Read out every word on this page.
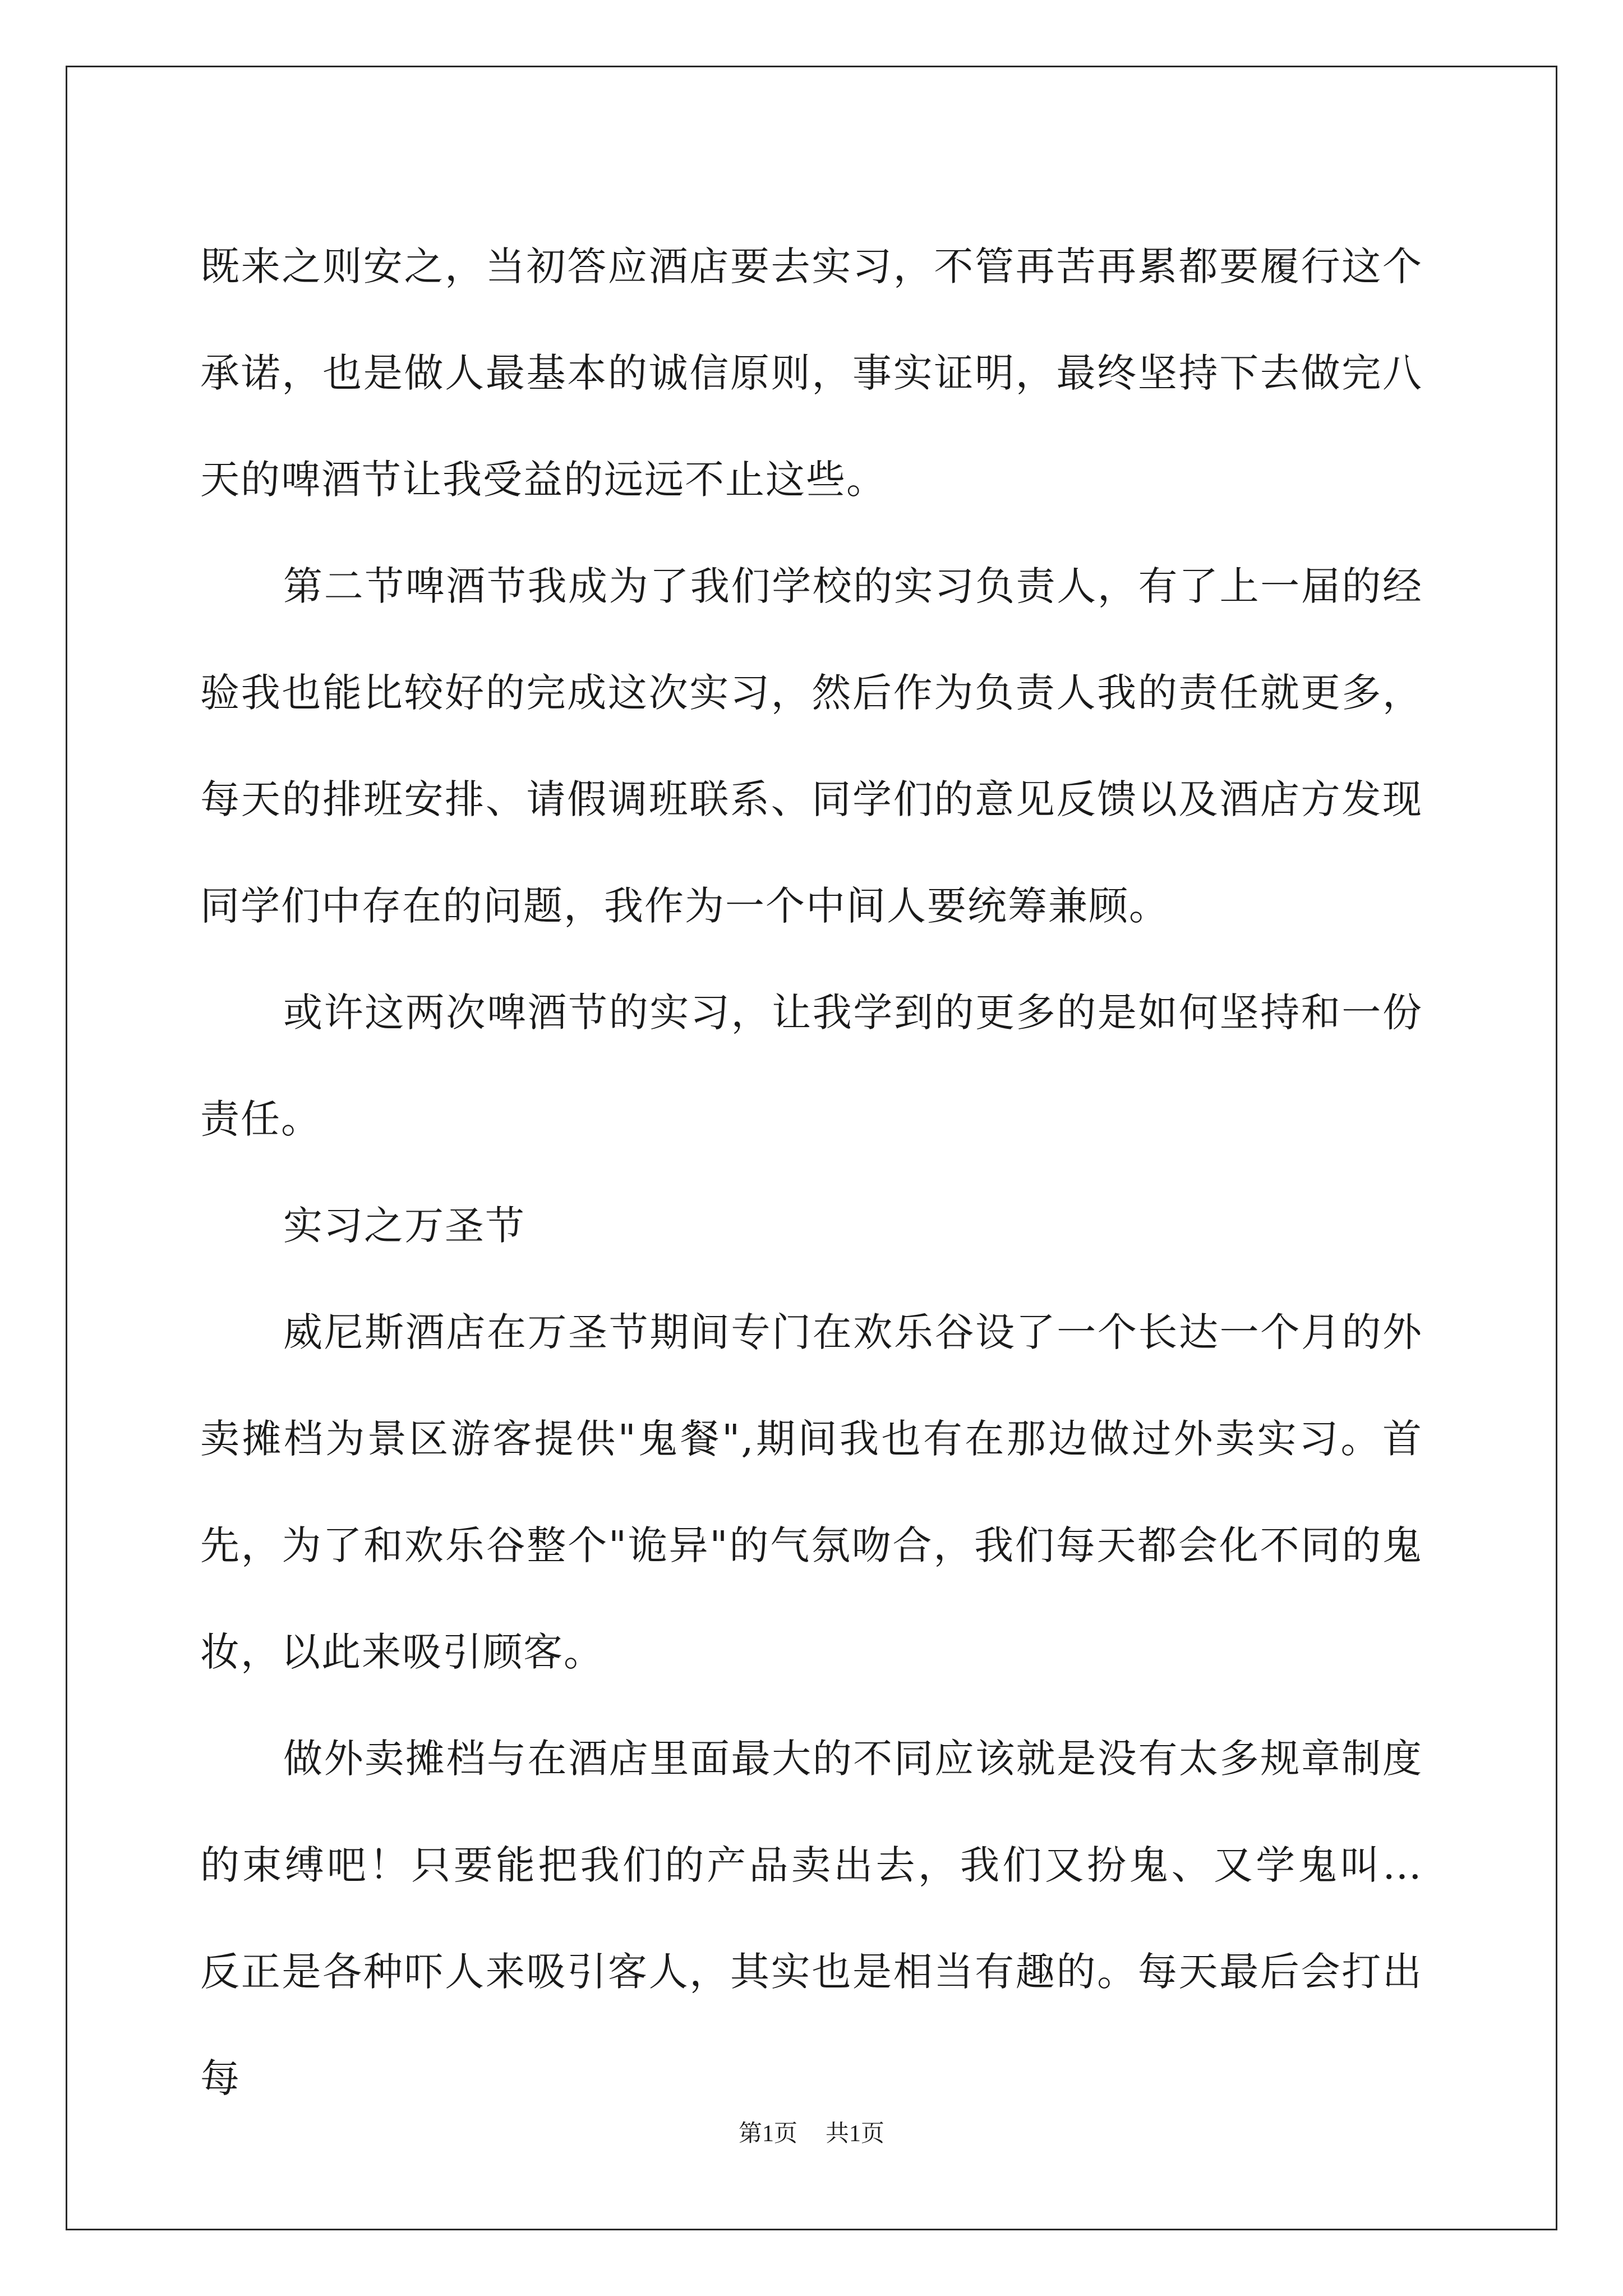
既来之则安之，当初答应酒店要去实习，不管再苦再累都要履行这个承诺，也是做人最基本的诚信原则，事实证明，最终坚持下去做完八天的啤酒节让我受益的远远不止这些。

第二节啤酒节我成为了我们学校的实习负责人，有了上一届的经验我也能比较好的完成这次实习，然后作为负责人我的责任就更多，每天的排班安排、请假调班联系、同学们的意见反馈以及酒店方发现同学们中存在的问题，我作为一个中间人要统筹兼顾。

或许这两次啤酒节的实习，让我学到的更多的是如何坚持和一份责任。

实习之万圣节

威尼斯酒店在万圣节期间专门在欢乐谷设了一个长达一个月的外卖摊档为景区游客提供"鬼餐",期间我也有在那边做过外卖实习。首先，为了和欢乐谷整个"诡异"的气氛吻合，我们每天都会化不同的鬼妆，以此来吸引顾客。

做外卖摊档与在酒店里面最大的不同应该就是没有太多规章制度的束缚吧！只要能把我们的产品卖出去，我们又扮鬼、又学鬼叫… 反正是各种吓人来吸引客人，其实也是相当有趣的。每天最后会打出每

第1页 共1页
